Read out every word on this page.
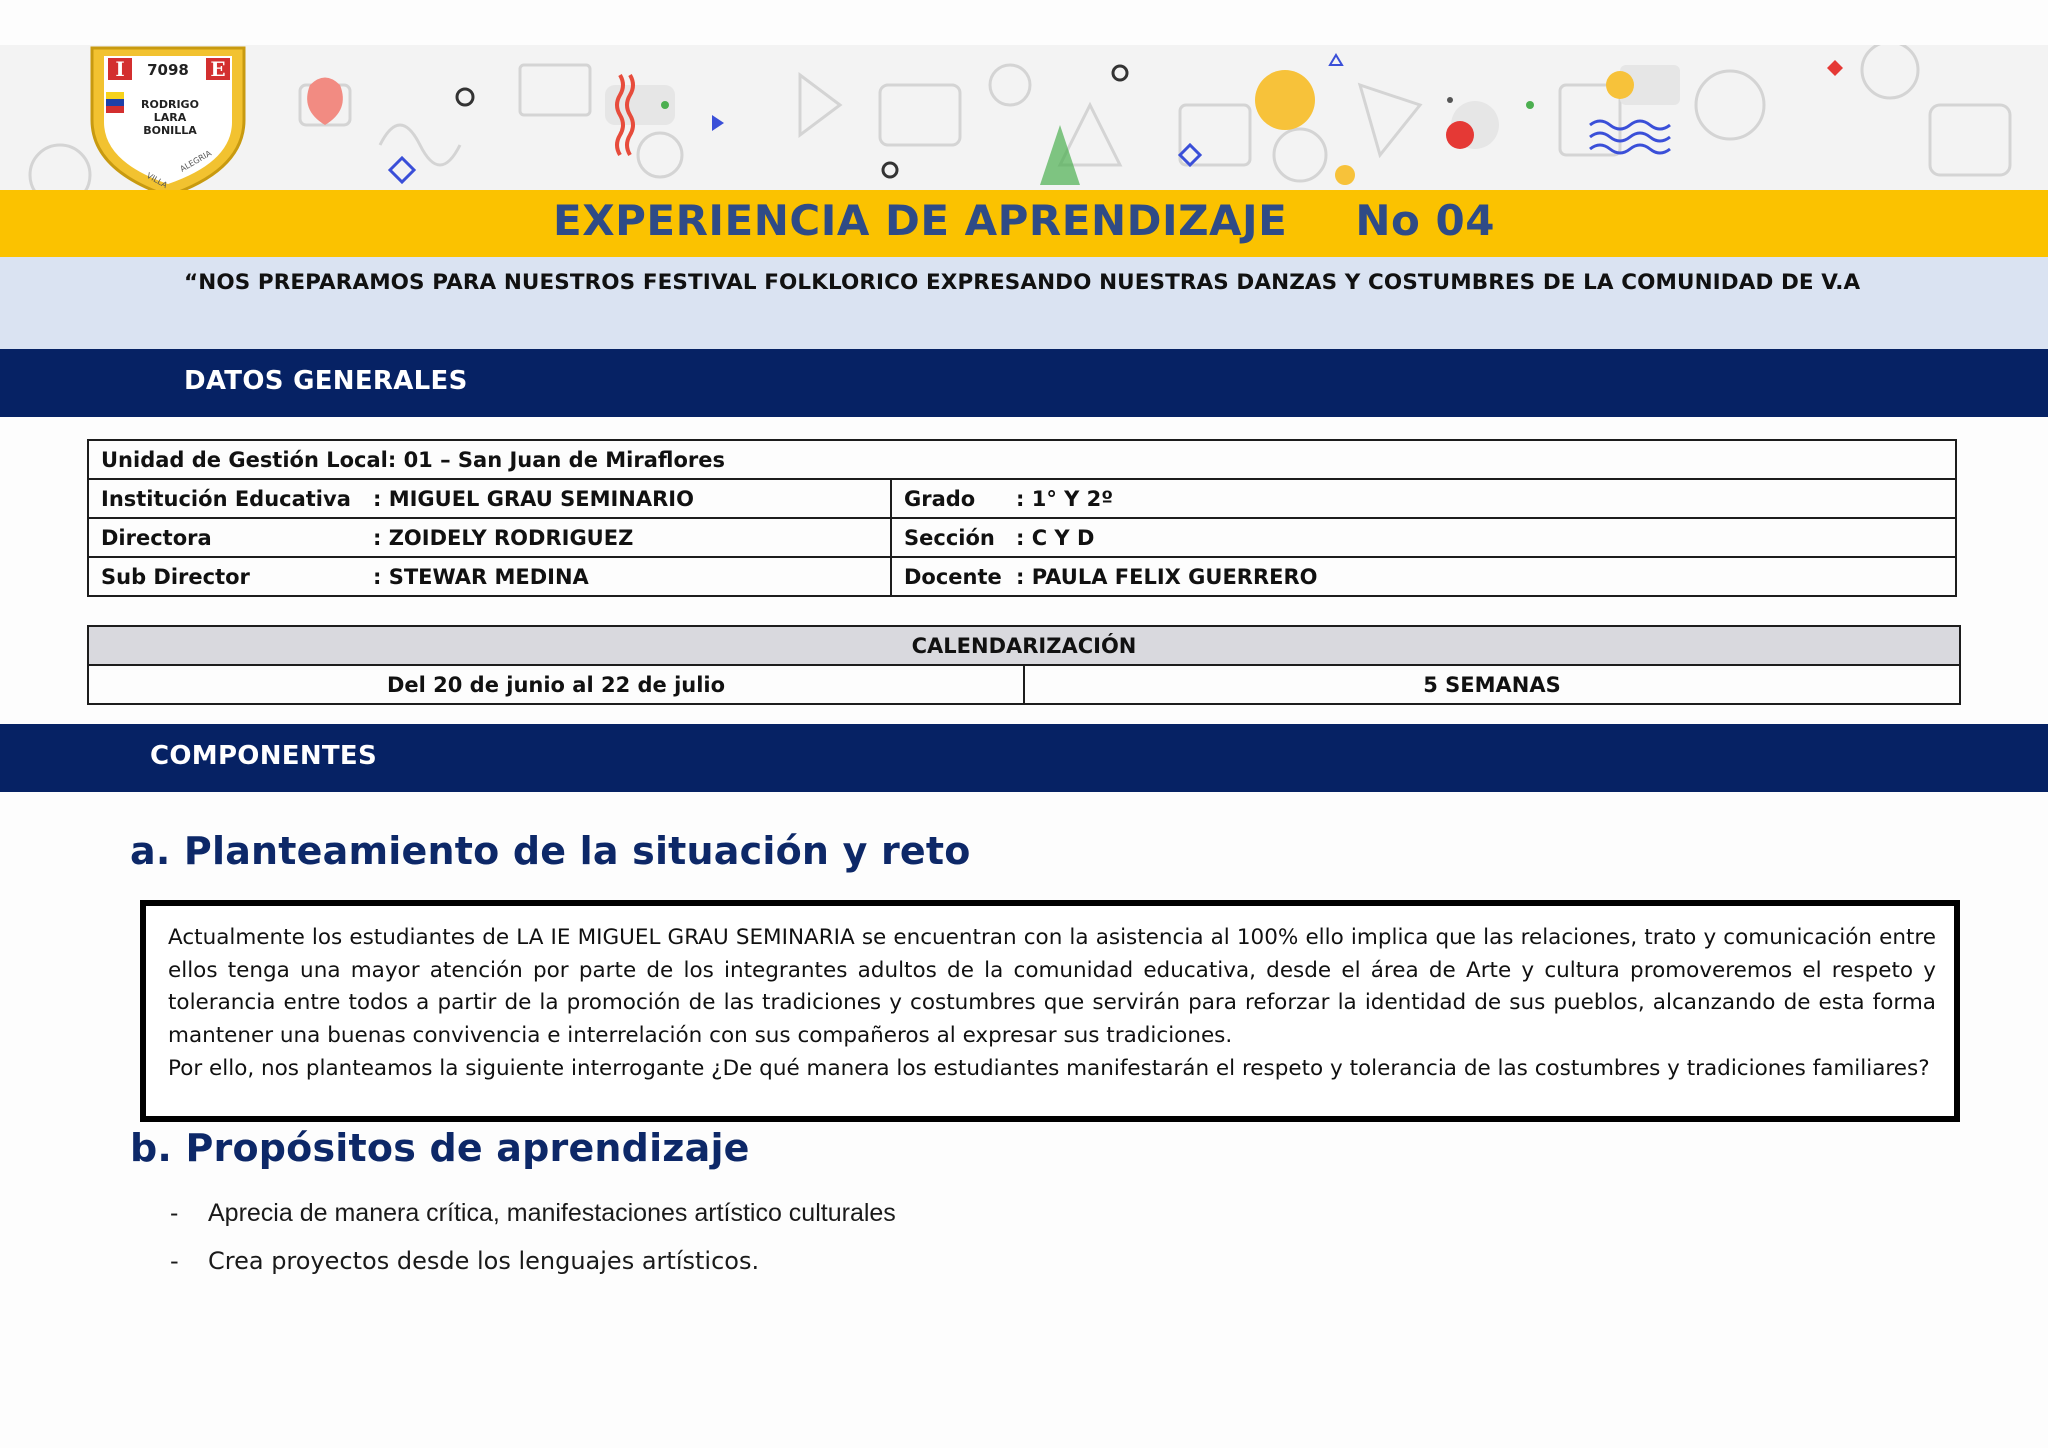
I	E
7098
RODRIGO
LARA
BONILLA
VILLA
ALEGRIA
EXPERIENCIA DE APRENDIZAJE No 04
“NOS PREPARAMOS PARA NUESTROS FESTIVAL FOLKLORICO EXPRESANDO NUESTRAS DANZAS Y COSTUMBRES DE LA COMUNIDAD DE V.A
DATOS GENERALES
Unidad de Gestión Local: 01 – San Juan de Miraflores	
Institución Educativa : MIGUEL GRAU SEMINARIO	Grado : 1° Y 2º
Directora : ZOIDELY RODRIGUEZ	Sección : C Y D
Sub Director : STEWAR MEDINA	Docente : PAULA FELIX GUERRERO
CALENDARIZACIÓN
Del 20 de junio al 22 de julio	5 SEMANAS
COMPONENTES
a. Planteamiento de la situación y reto

Actualmente los estudiantes de LA IE MIGUEL GRAU SEMINARIA se encuentran con la asistencia al 100% ello implica que las relaciones, trato y comunicación entre ellos tenga una mayor atención por parte de los integrantes adultos de la comunidad educativa, desde el área de Arte y cultura promoveremos el respeto y tolerancia entre todos a partir de la promoción de las tradiciones y costumbres que servirán para reforzar la identidad de sus pueblos, alcanzando de esta forma mantener una buenas convivencia e interrelación con sus compañeros al expresar sus tradiciones.

Por ello, nos planteamos la siguiente interrogante ¿De qué manera los estudiantes manifestarán el respeto y tolerancia de las costumbres y tradiciones familiares?

b. Propósitos de aprendizaje
- Aprecia de manera crítica, manifestaciones artístico culturales
- Crea proyectos desde los lenguajes artísticos.
